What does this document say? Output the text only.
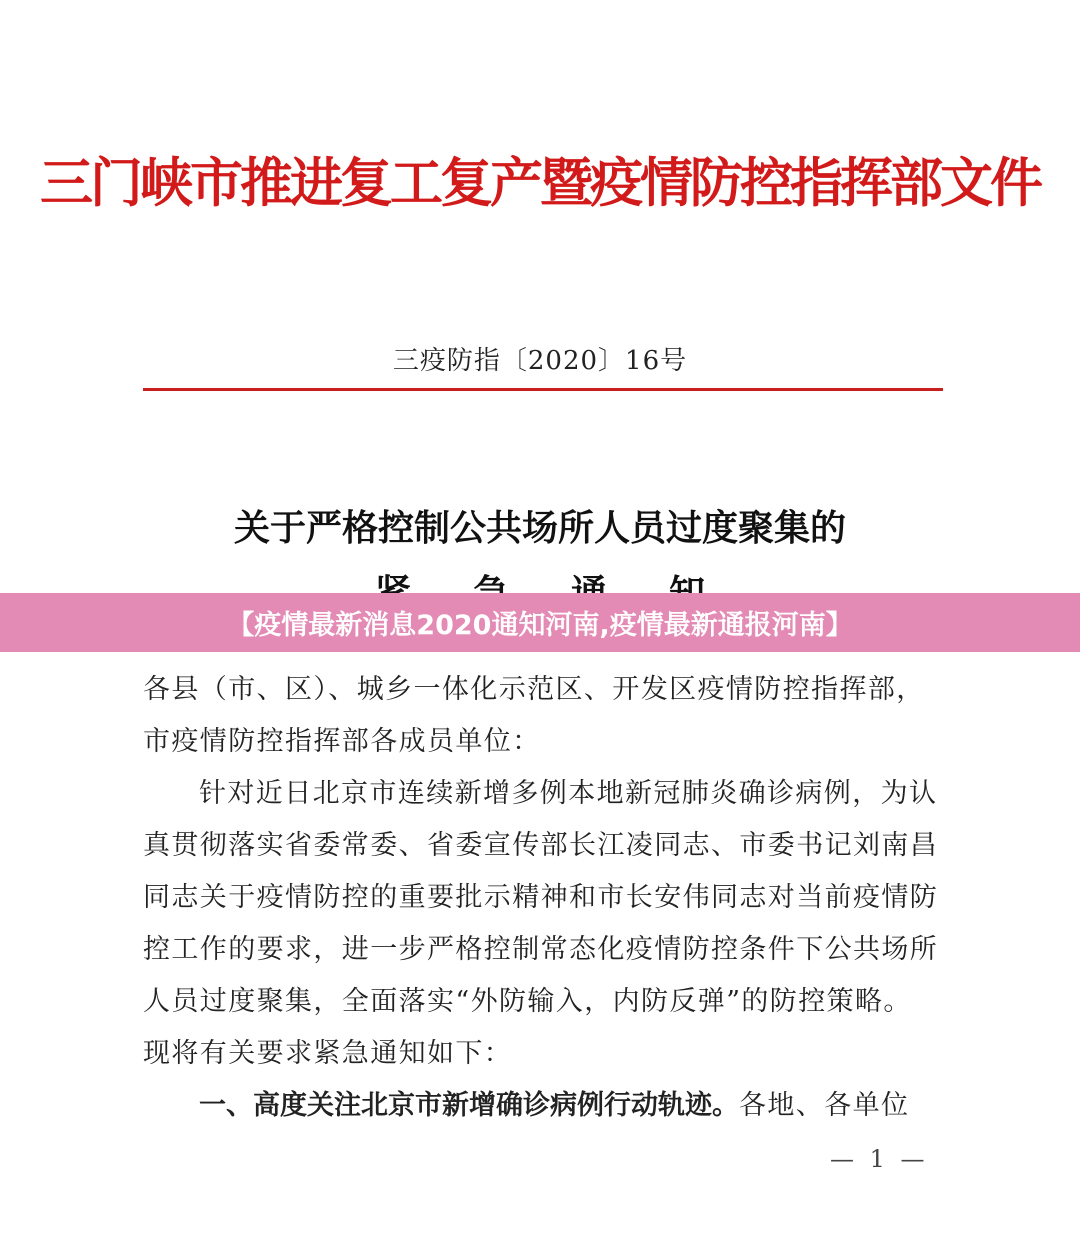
三门峡市推进复工复产暨疫情防控指挥部文件
三疫防指〔2020〕16号
关于严格控制公共场所人员过度聚集的
各县（市、区）、城乡一体化示范区、开发区疫情防控指挥部，
市疫情防控指挥部各成员单位：
针对近日北京市连续新增多例本地新冠肺炎确诊病例，为认
真贯彻落实省委常委、省委宣传部长江凌同志、市委书记刘南昌
同志关于疫情防控的重要批示精神和市长安伟同志对当前疫情防
控工作的要求，进一步严格控制常态化疫情防控条件下公共场所
人员过度聚集，全面落实“外防输入，内防反弹”的防控策略。
现将有关要求紧急通知如下：
一、高度关注北京市新增确诊病例行动轨迹。各地、各单位
— 1 —
【疫情最新消息2020通知河南,疫情最新通报河南】
